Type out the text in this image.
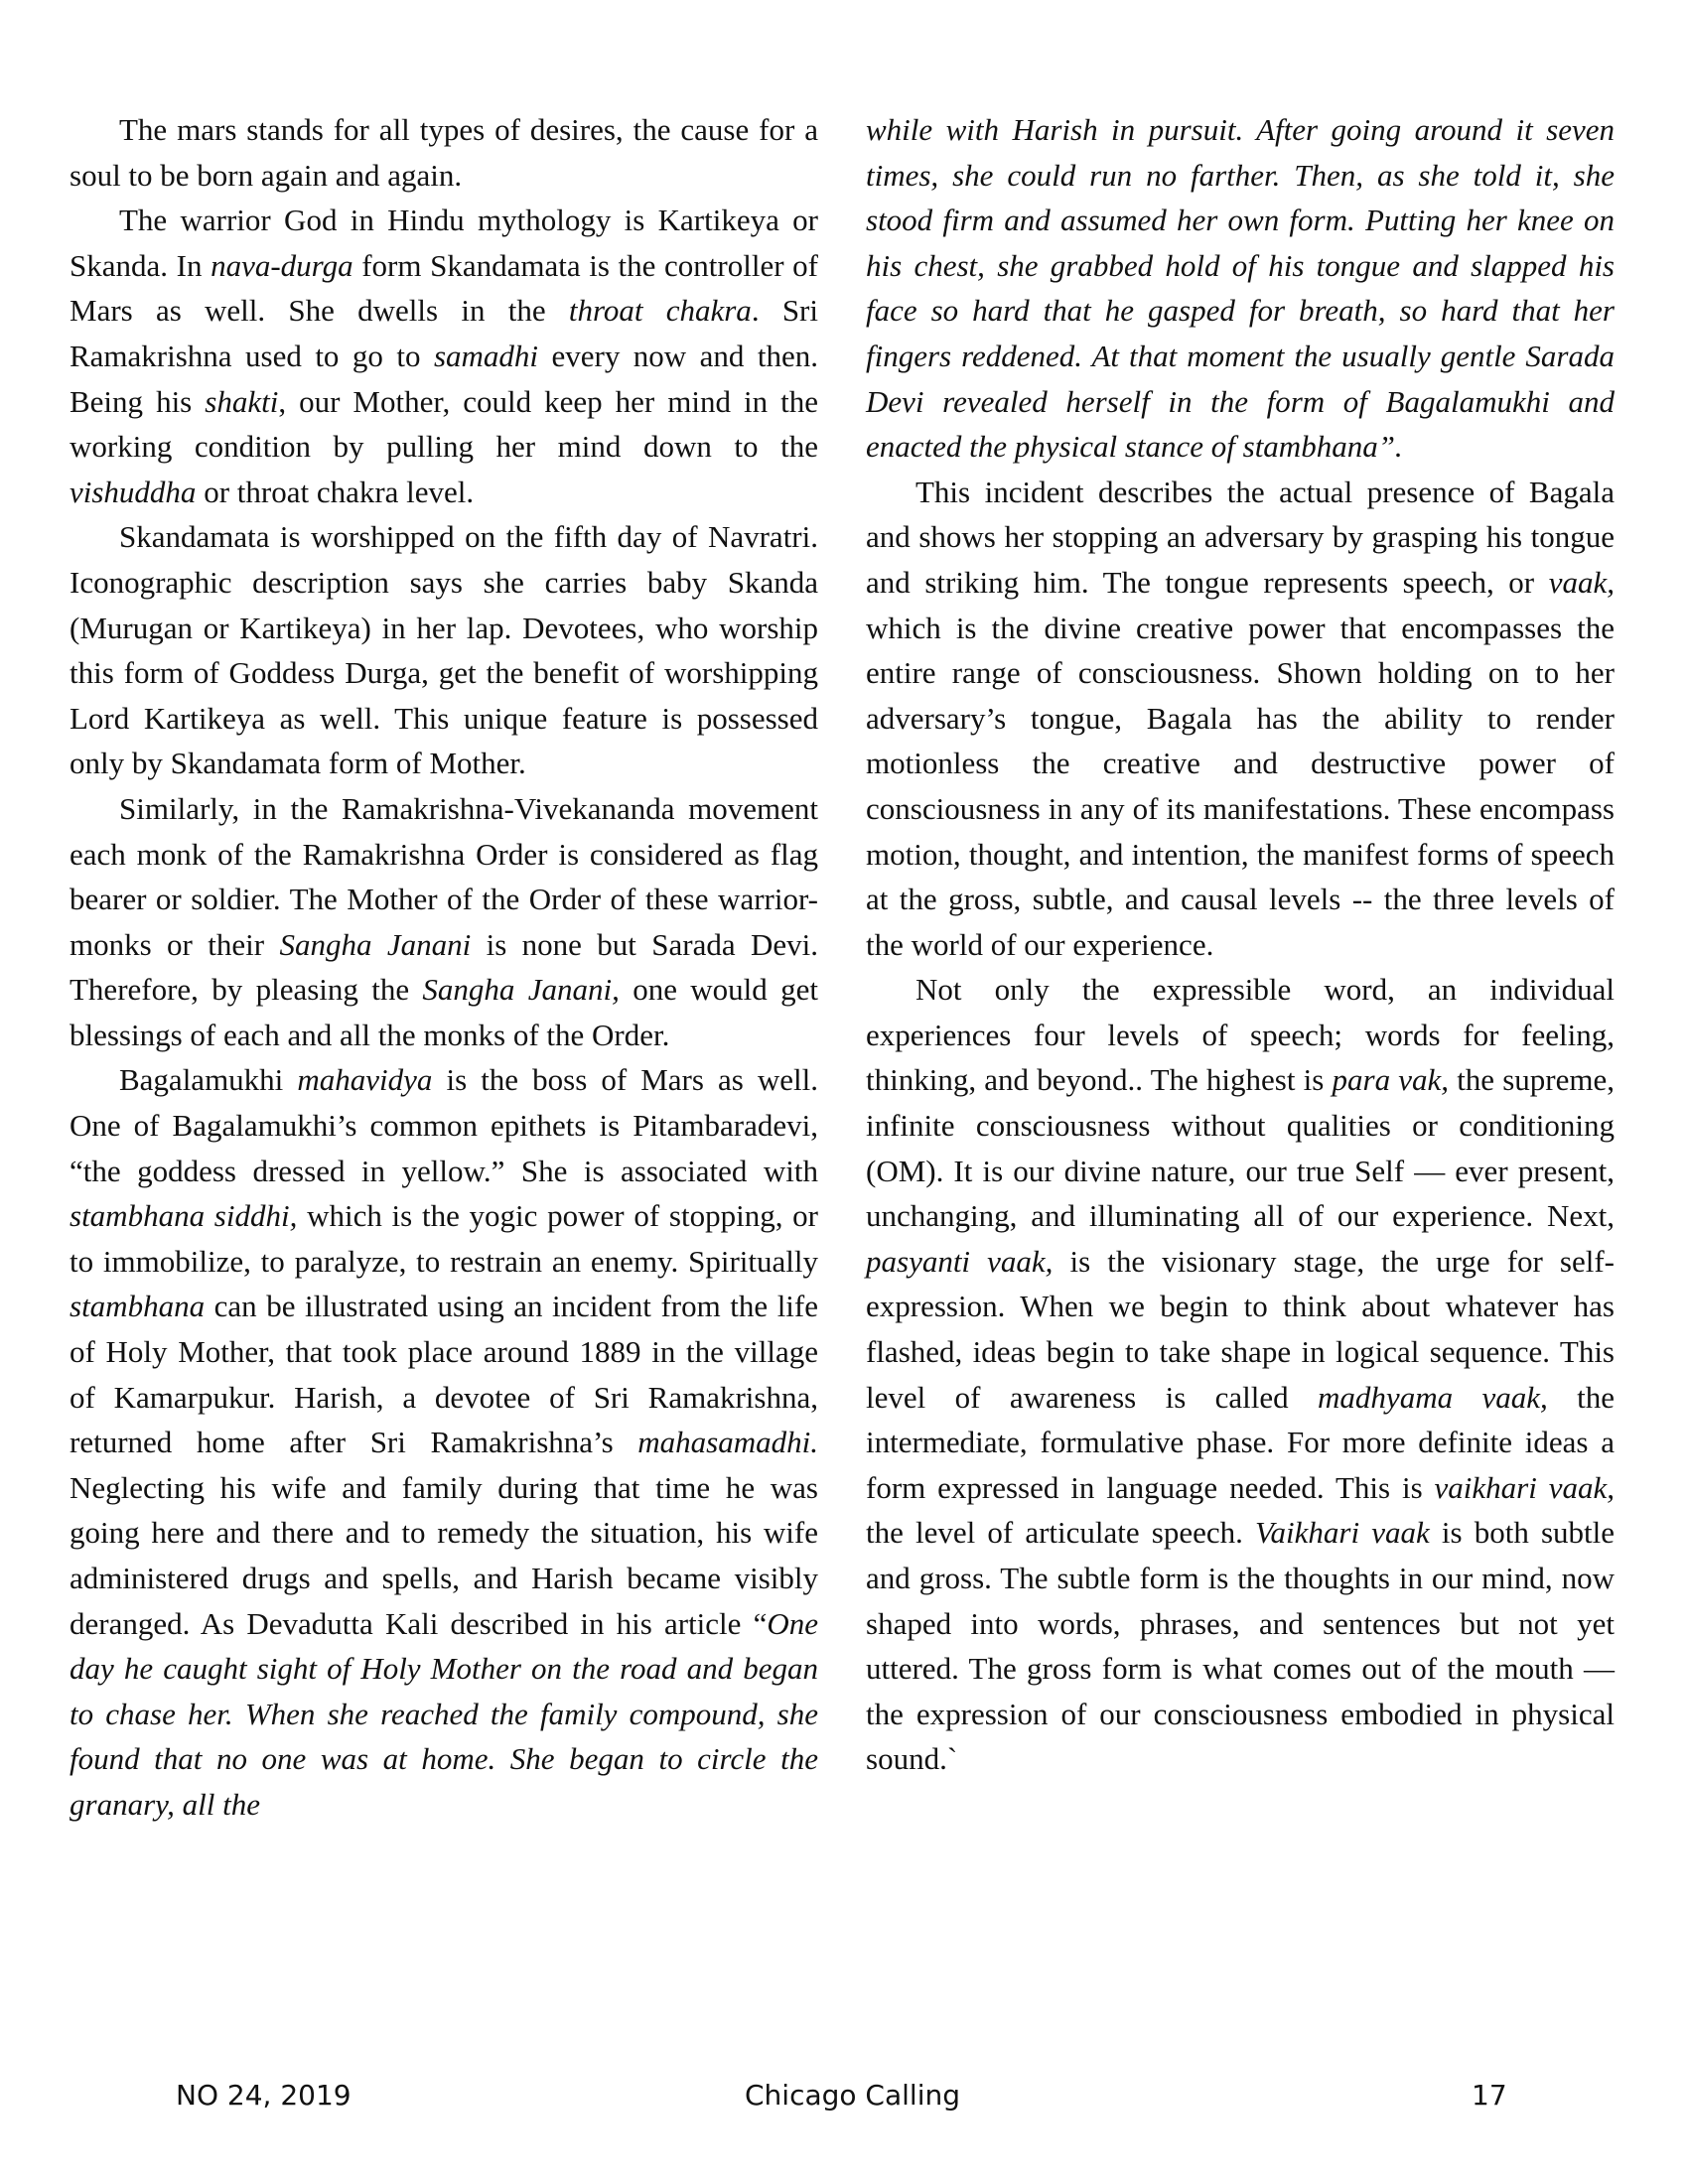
The mars stands for all types of desires, the cause for a soul to be born again and again.

The warrior God in Hindu mythology is Kartikeya or Skanda. In nava-durga form Skandamata is the controller of Mars as well. She dwells in the throat chakra. Sri Ramakrishna used to go to samadhi every now and then. Being his shakti, our Mother, could keep her mind in the working condition by pulling her mind down to the vishuddha or throat chakra level.

Skandamata is worshipped on the fifth day of Navratri. Iconographic description says she carries baby Skanda (Murugan or Kartikeya) in her lap. Devotees, who worship this form of Goddess Durga, get the benefit of worshipping Lord Kartikeya as well. This unique feature is possessed only by Skandamata form of Mother.

Similarly, in the Ramakrishna-Vivekananda movement each monk of the Ramakrishna Order is considered as flag bearer or soldier. The Mother of the Order of these warrior-monks or their Sangha Janani is none but Sarada Devi. Therefore, by pleasing the Sangha Janani, one would get blessings of each and all the monks of the Order.

Bagalamukhi mahavidya is the boss of Mars as well. One of Bagalamukhi’s common epithets is Pitambaradevi, “the goddess dressed in yellow.” She is associated with stambhana siddhi, which is the yogic power of stopping, or to immobilize, to paralyze, to restrain an enemy. Spiritually stambhana can be illustrated using an incident from the life of Holy Mother, that took place around 1889 in the village of Kamarpukur. Harish, a devotee of Sri Ramakrishna, returned home after Sri Ramakrishna’s mahasamadhi. Neglecting his wife and family during that time he was going here and there and to remedy the situation, his wife administered drugs and spells, and Harish became visibly deranged. As Devadutta Kali described in his article “One day he caught sight of Holy Mother on the road and began to chase her. When she reached the family compound, she found that no one was at home. She began to circle the granary, all the

while with Harish in pursuit. After going around it seven times, she could run no farther. Then, as she told it, she stood firm and assumed her own form. Putting her knee on his chest, she grabbed hold of his tongue and slapped his face so hard that he gasped for breath, so hard that her fingers reddened. At that moment the usually gentle Sarada Devi revealed herself in the form of Bagalamukhi and enacted the physical stance of stambhana”.

This incident describes the actual presence of Bagala and shows her stopping an adversary by grasping his tongue and striking him. The tongue represents speech, or vaak, which is the divine creative power that encompasses the entire range of consciousness. Shown holding on to her adversary’s tongue, Bagala has the ability to render motionless the creative and destructive power of consciousness in any of its manifestations. These encompass motion, thought, and intention, the manifest forms of speech at the gross, subtle, and causal levels -- the three levels of the world of our experience.

Not only the expressible word, an individual experiences four levels of speech; words for feeling, thinking, and beyond.. The highest is para vak, the supreme, infinite consciousness without qualities or conditioning (OM). It is our divine nature, our true Self — ever present, unchanging, and illuminating all of our experience. Next, pasyanti vaak, is the visionary stage, the urge for self-expression. When we begin to think about whatever has flashed, ideas begin to take shape in logical sequence. This level of awareness is called madhyama vaak, the intermediate, formulative phase. For more definite ideas a form expressed in language needed. This is vaikhari vaak, the level of articulate speech. Vaikhari vaak is both subtle and gross. The subtle form is the thoughts in our mind, now shaped into words, phrases, and sentences but not yet uttered. The gross form is what comes out of the mouth — the expression of our consciousness embodied in physical sound.`

NO 24, 2019	Chicago Calling	17
